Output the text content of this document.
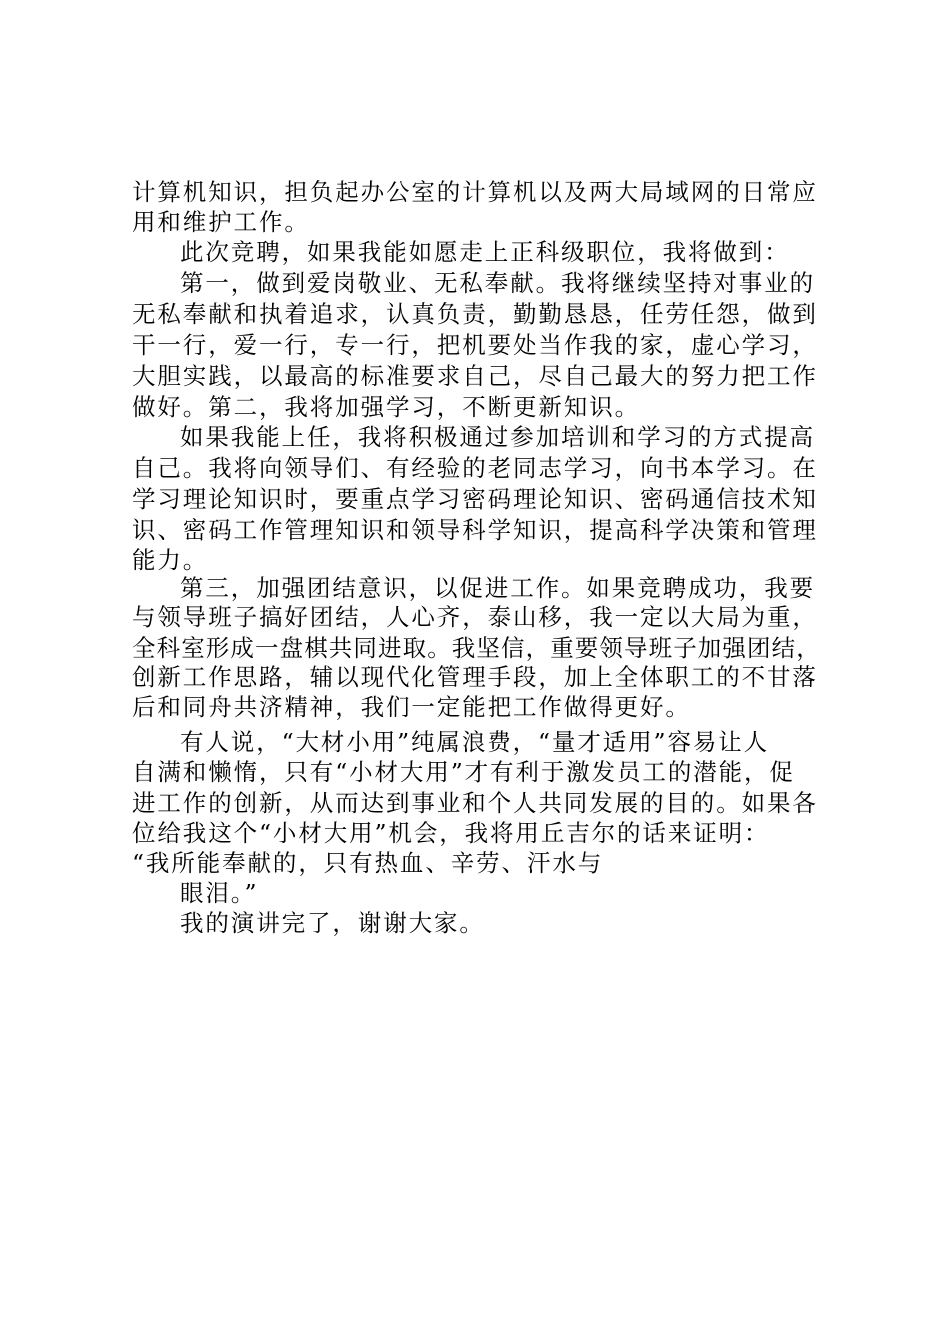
计算机知识，担负起办公室的计算机以及两大局域网的日常应
用和维护工作。
此次竞聘，如果我能如愿走上正科级职位，我将做到：
第一，做到爱岗敬业、无私奉献。我将继续坚持对事业的
无私奉献和执着追求，认真负责，勤勤恳恳，任劳任怨，做到
干一行，爱一行，专一行，把机要处当作我的家，虚心学习，
大胆实践，以最高的标准要求自己，尽自己最大的努力把工作
做好。第二，我将加强学习，不断更新知识。
如果我能上任，我将积极通过参加培训和学习的方式提高
自己。我将向领导们、有经验的老同志学习，向书本学习。在
学习理论知识时，要重点学习密码理论知识、密码通信技术知
识、密码工作管理知识和领导科学知识，提高科学决策和管理
能力。
第三，加强团结意识，以促进工作。如果竞聘成功，我要
与领导班子搞好团结，人心齐，泰山移，我一定以大局为重，
全科室形成一盘棋共同进取。我坚信，重要领导班子加强团结，
创新工作思路，辅以现代化管理手段，加上全体职工的不甘落
后和同舟共济精神，我们一定能把工作做得更好。
有人说，“大材小用”纯属浪费，“量才适用”容易让人
自满和懒惰，只有“小材大用”才有利于激发员工的潜能，促
进工作的创新，从而达到事业和个人共同发展的目的。如果各
位给我这个“小材大用”机会，我将用丘吉尔的话来证明：
“我所能奉献的，只有热血、辛劳、汗水与
眼泪。”
我的演讲完了，谢谢大家。
